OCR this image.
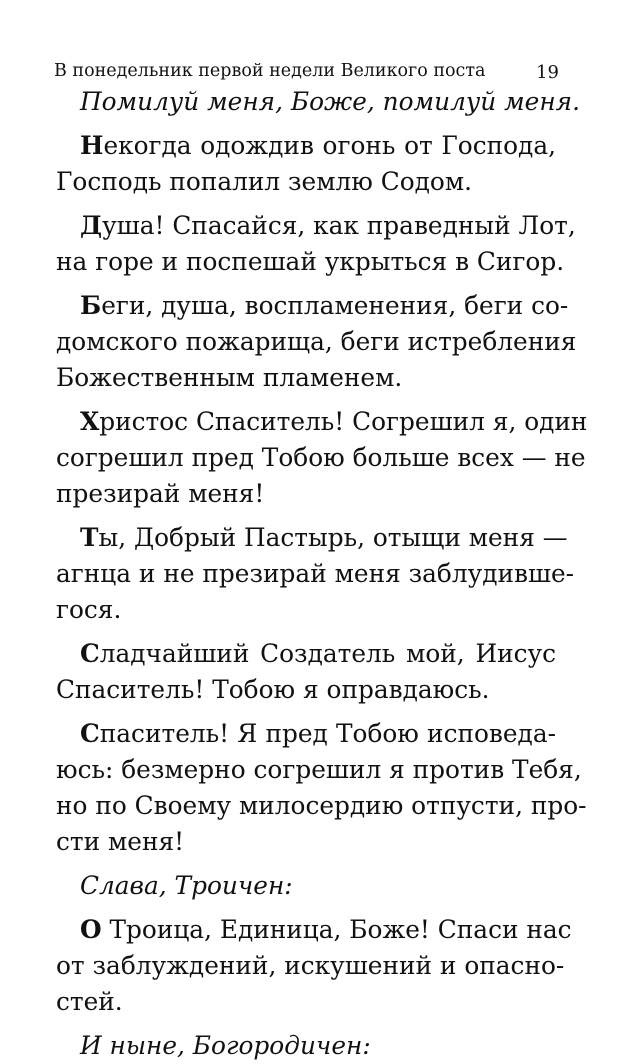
В понедельник первой недели Великого поста	19
Помилуй меня, Боже, помилуй меня.
Некогда одождив огонь от Господа,
Господь попалил землю Содом.
Душа! Спасайся, как праведный Лот,
на горе и поспешай укрыться в Сигор.
Беги, душа, воспламенения, беги со-
домского пожарища, беги истребления
Божественным пламенем.
Христос Спаситель! Согрешил я, один
согрешил пред Тобою больше всех — не
презирай меня!
Ты, Добрый Пастырь, отыщи меня —
агнца и не презирай меня заблудивше-
гося.
Сладчайший Создатель мой, Иисус
Спаситель! Тобою я оправдаюсь.
Спаситель! Я пред Тобою исповеда-
юсь: безмерно согрешил я против Тебя,
но по Своему милосердию отпусти, про-
сти меня!
Слава, Троичен:
О Троица, Единица, Боже! Спаси нас
от заблуждений, искушений и опасно-
стей.
И ныне, Богородичен:
